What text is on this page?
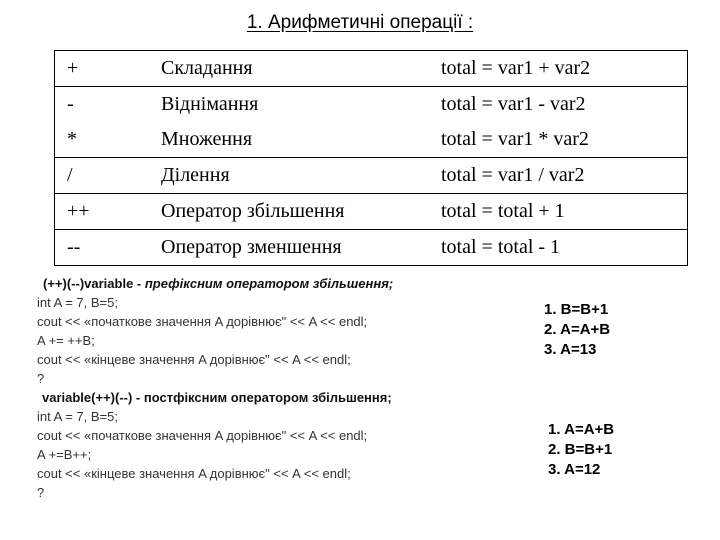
1. Арифметичні операції :
+	Складання	total = var1 + var2
-	Віднімання	total = var1 - var2
*	Множення	total = var1 * var2
/	Ділення	total = var1 / var2
++	Оператор збільшення	total = total + 1
--	Оператор зменшення	total = total - 1
(++)(--)variable - префіксним оператором збільшення;
int A = 7, B=5;
cout << «початкове значення A дорівнює" << A << endl;
A += ++B;
cout << «кінцеве значення A дорівнює" << A << endl;
?
variable(++)(--) - постфіксним оператором збільшення;
int A = 7, B=5;
cout << «початкове значення A дорівнює" << A << endl;
A +=B++;
cout << «кінцеве значення A дорівнює" << A << endl;
?
1. B=B+1
2. A=A+B
3. A=13
1. A=A+B
2. B=B+1
3. A=12
